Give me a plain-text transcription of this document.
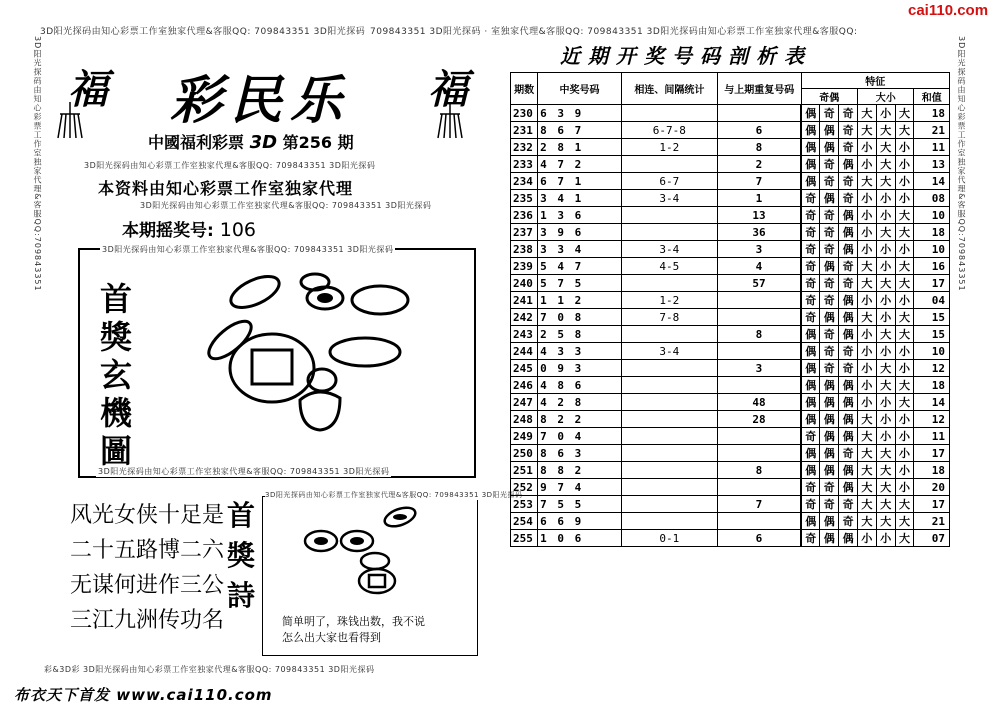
3D阳光探码由知心彩票工作室独家代理&客服QQ: 709843351 3D阳光探码 709843351 3D阳光探码 · 室独家代理&客服QQ: 709843351 3D阳光探码由知心彩票工作室独家代理&客服QQ:
cai110.com
3D阳光探码由知心彩票工作室独家代理&客服QQ:709843351	3D阳光探码由知心彩票工作室独家代理&客服QQ:709843351
福 彩民乐 福
中國福利彩票 3D 第256 期
3D阳光探码由知心彩票工作室独家代理&客服QQ: 709843351 3D阳光探码
本资料由知心彩票工作室独家代理
3D阳光探码由知心彩票工作室独家代理&客服QQ: 709843351 3D阳光探码
本期摇奖号: 106
3D阳光探码由知心彩票工作室独家代理&客服QQ: 709843351 3D阳光探码
3D阳光探码由知心彩票工作室独家代理&客服QQ: 709843351 3D阳光探码
首
獎
玄
機
圖
风光女侠十足是
二十五路博二六
无谋何进作三公
三江九洲传功名
首
獎
詩
3D阳光探码由知心彩票工作室独家代理&客服QQ: 709843351 3D阳光探码
简单明了，珠钱出数，我不说
怎么出大家也看得到
彩&3D彩 3D阳光探码由知心彩票工作室独家代理&客服QQ: 709843351 3D阳光探码
布衣天下首发 www.cai110.com
近期开奖号码剖析表
期数	中奖号码	相连、间隔统计	与上期重复号码	特征						
				奇偶			大小			和值
230	6 3 9			偶	奇	奇	大	小	大	18
231	8 6 7	6-7-8	6	偶	偶	奇	大	大	大	21
232	2 8 1	1-2	8	偶	偶	奇	小	大	小	11
233	4 7 2		2	偶	奇	偶	小	大	小	13
234	6 7 1	6-7	7	偶	奇	奇	大	大	小	14
235	3 4 1	3-4	1	奇	偶	奇	小	小	小	08
236	1 3 6		13	奇	奇	偶	小	小	大	10
237	3 9 6		36	奇	奇	偶	小	大	大	18
238	3 3 4	3-4	3	奇	奇	偶	小	小	小	10
239	5 4 7	4-5	4	奇	偶	奇	大	小	大	16
240	5 7 5		57	奇	奇	奇	大	大	大	17
241	1 1 2	1-2		奇	奇	偶	小	小	小	04
242	7 0 8	7-8		奇	偶	偶	大	小	大	15
243	2 5 8		8	偶	奇	偶	小	大	大	15
244	4 3 3	3-4		偶	奇	奇	小	小	小	10
245	0 9 3		3	偶	奇	奇	小	大	小	12
246	4 8 6			偶	偶	偶	小	大	大	18
247	4 2 8		48	偶	偶	偶	小	小	大	14
248	8 2 2		28	偶	偶	偶	大	小	小	12
249	7 0 4			奇	偶	偶	大	小	小	11
250	8 6 3			偶	偶	奇	大	大	小	17
251	8 8 2		8	偶	偶	偶	大	大	小	18
252	9 7 4			奇	奇	偶	大	大	小	20
253	7 5 5		7	奇	奇	奇	大	大	大	17
254	6 6 9			偶	偶	奇	大	大	大	21
255	1 0 6	0-1	6	奇	偶	偶	小	小	大	07
